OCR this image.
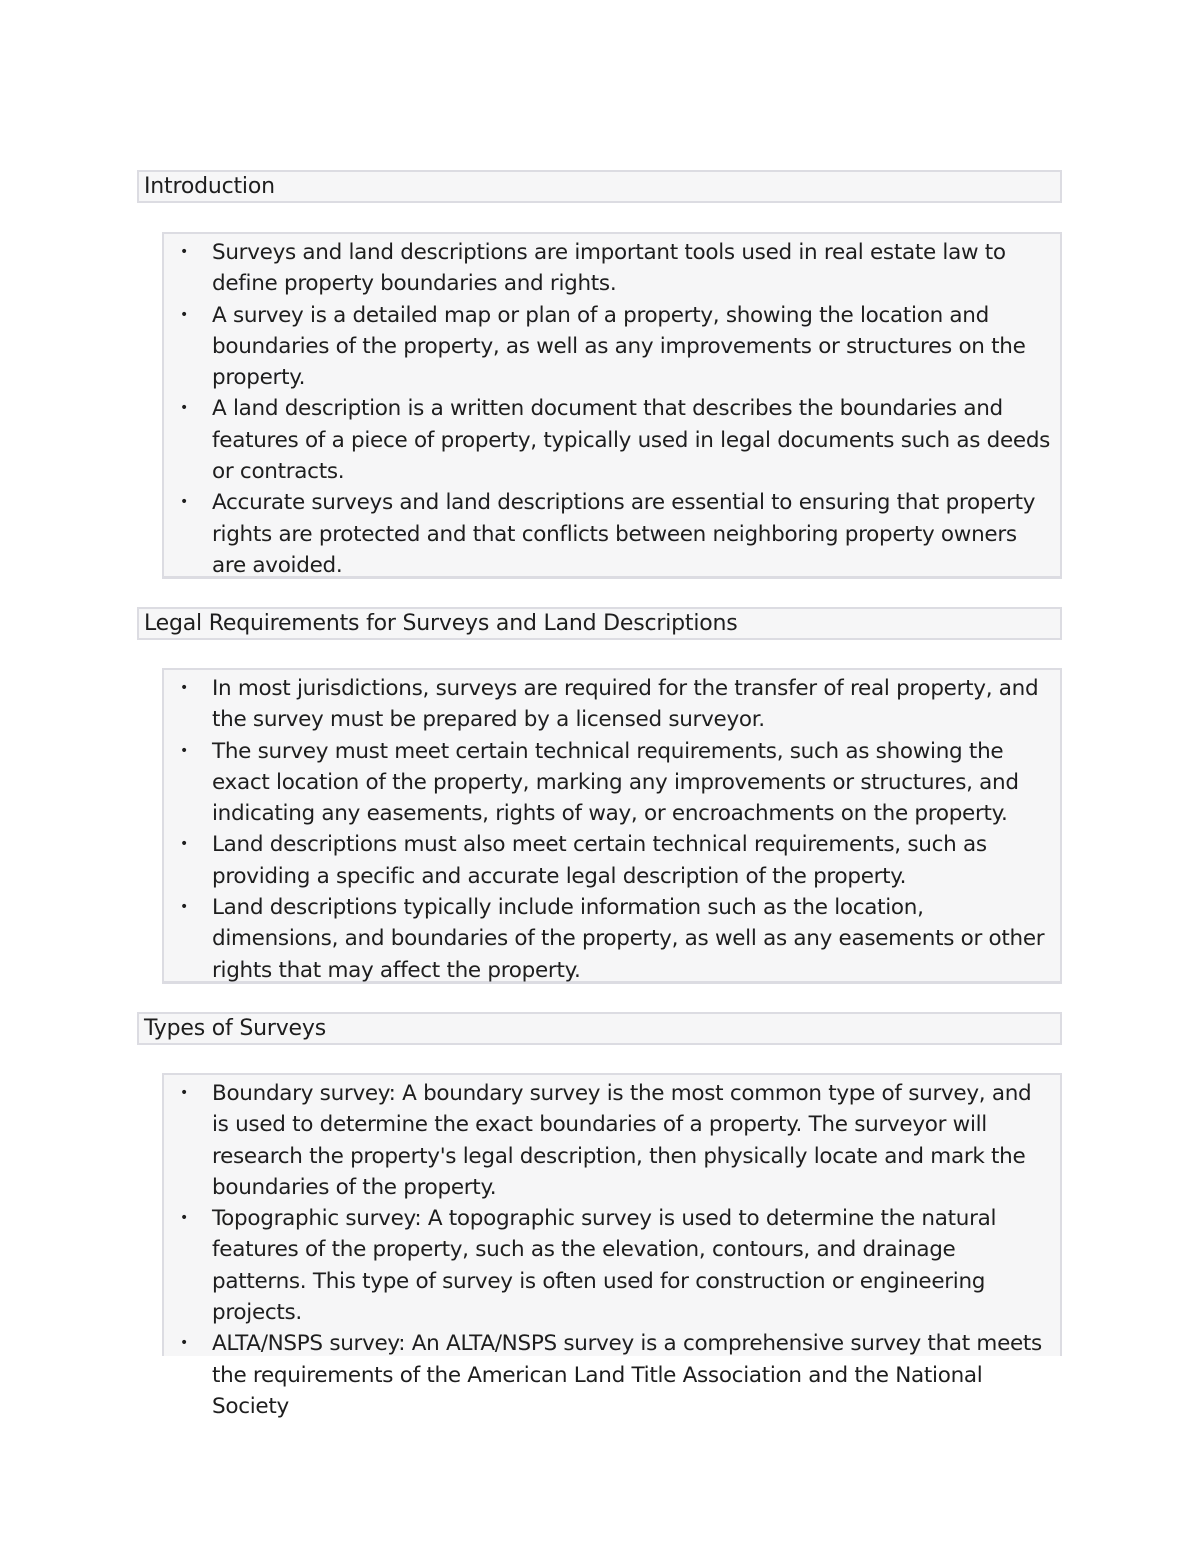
Introduction
• Surveys and land descriptions are important tools used in real estate law to define property boundaries and rights.
• A survey is a detailed map or plan of a property, showing the location and boundaries of the property, as well as any improvements or structures on the property.
• A land description is a written document that describes the boundaries and features of a piece of property, typically used in legal documents such as deeds or contracts.
• Accurate surveys and land descriptions are essential to ensuring that property rights are protected and that conflicts between neighboring property owners are avoided.
Legal Requirements for Surveys and Land Descriptions
• In most jurisdictions, surveys are required for the transfer of real property, and the survey must be prepared by a licensed surveyor.
• The survey must meet certain technical requirements, such as showing the exact location of the property, marking any improvements or structures, and indicating any easements, rights of way, or encroachments on the property.
• Land descriptions must also meet certain technical requirements, such as providing a specific and accurate legal description of the property.
• Land descriptions typically include information such as the location, dimensions, and boundaries of the property, as well as any easements or other rights that may affect the property.
Types of Surveys
• Boundary survey: A boundary survey is the most common type of survey, and is used to determine the exact boundaries of a property. The surveyor will research the property's legal description, then physically locate and mark the boundaries of the property.
• Topographic survey: A topographic survey is used to determine the natural features of the property, such as the elevation, contours, and drainage patterns. This type of survey is often used for construction or engineering projects.
• ALTA/NSPS survey: An ALTA/NSPS survey is a comprehensive survey that meets the requirements of the American Land Title Association and the National Society
